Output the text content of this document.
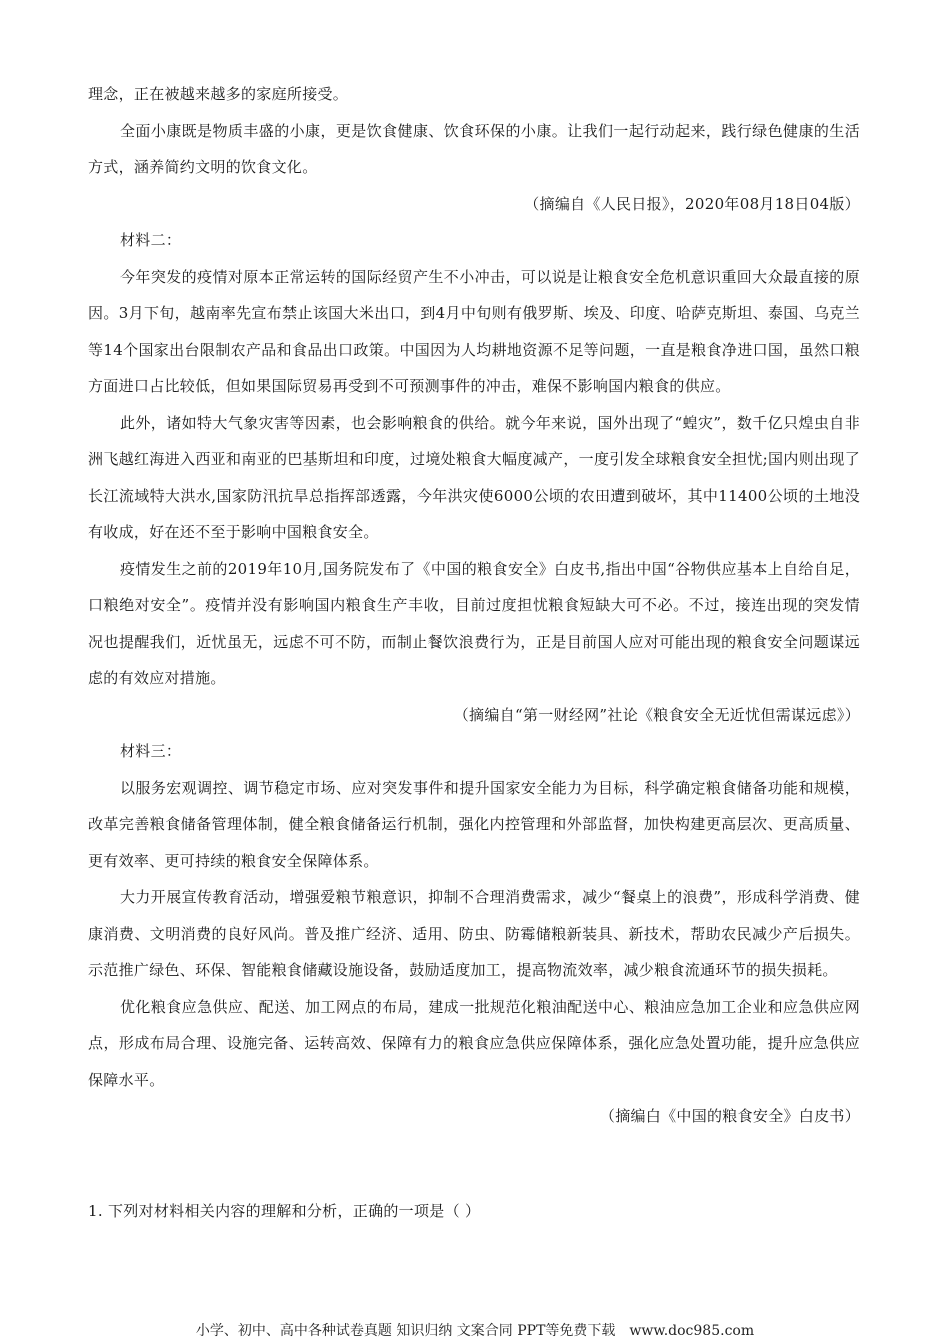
理念，正在被越来越多的家庭所接受。

全面小康既是物质丰盛的小康，更是饮食健康、饮食环保的小康。让我们一起行动起来，践行绿色健康的生活方式，涵养简约文明的饮食文化。

（摘编自《人民日报》，2020年08月18日04版）

材料二：

今年突发的疫情对原本正常运转的国际经贸产生不小冲击，可以说是让粮食安全危机意识重回大众最直接的原因。3月下旬，越南率先宣布禁止该国大米出口，到4月中旬则有俄罗斯、埃及、印度、哈萨克斯坦、泰国、乌克兰等14个国家出台限制农产品和食品出口政策。中国因为人均耕地资源不足等问题，一直是粮食净进口国，虽然口粮方面进口占比较低，但如果国际贸易再受到不可预测事件的冲击，难保不影响国内粮食的供应。

此外，诸如特大气象灾害等因素，也会影响粮食的供给。就今年来说，国外出现了“蝗灾”，数千亿只煌虫自非洲飞越红海进入西亚和南亚的巴基斯坦和印度，过境处粮食大幅度减产，一度引发全球粮食安全担忧;国内则出现了长江流域特大洪水,国家防汛抗旱总指挥部透露，今年洪灾使6000公顷的农田遭到破坏，其中11400公顷的土地没有收成，好在还不至于影响中国粮食安全。

疫情发生之前的2019年10月,国务院发布了《中国的粮食安全》白皮书,指出中国“谷物供应基本上自给自足，口粮绝对安全”。疫情并没有影响国内粮食生产丰收，目前过度担忧粮食短缺大可不必。不过，接连出现的突发情况也提醒我们，近忧虽无，远虑不可不防，而制止餐饮浪费行为，正是目前国人应对可能出现的粮食安全问题谋远虑的有效应对措施。

（摘编自“第一财经网”社论《粮食安全无近忧但需谋远虑》）

材料三：

以服务宏观调控、调节稳定市场、应对突发事件和提升国家安全能力为目标，科学确定粮食储备功能和规模，改革完善粮食储备管理体制，健全粮食储备运行机制，强化内控管理和外部监督，加快构建更高层次、更高质量、更有效率、更可持续的粮食安全保障体系。

大力开展宣传教育活动，增强爱粮节粮意识，抑制不合理消费需求，减少“餐桌上的浪费”，形成科学消费、健康消费、文明消费的良好风尚。普及推广经济、适用、防虫、防霉储粮新装具、新技术，帮助农民减少产后损失。示范推广绿色、环保、智能粮食储藏设施设备，鼓励适度加工，提高物流效率，减少粮食流通环节的损失损耗。

优化粮食应急供应、配送、加工网点的布局，建成一批规范化粮油配送中心、粮油应急加工企业和应急供应网点，形成布局合理、设施完备、运转高效、保障有力的粮食应急供应保障体系，强化应急处置功能，提升应急供应保障水平。

（摘编白《中国的粮食安全》白皮书）

1. 下列对材料相关内容的理解和分析，正确的一项是（ ）
小学、初中、高中各种试卷真题 知识归纳 文案合同 PPT等免费下载 www.doc985.com
